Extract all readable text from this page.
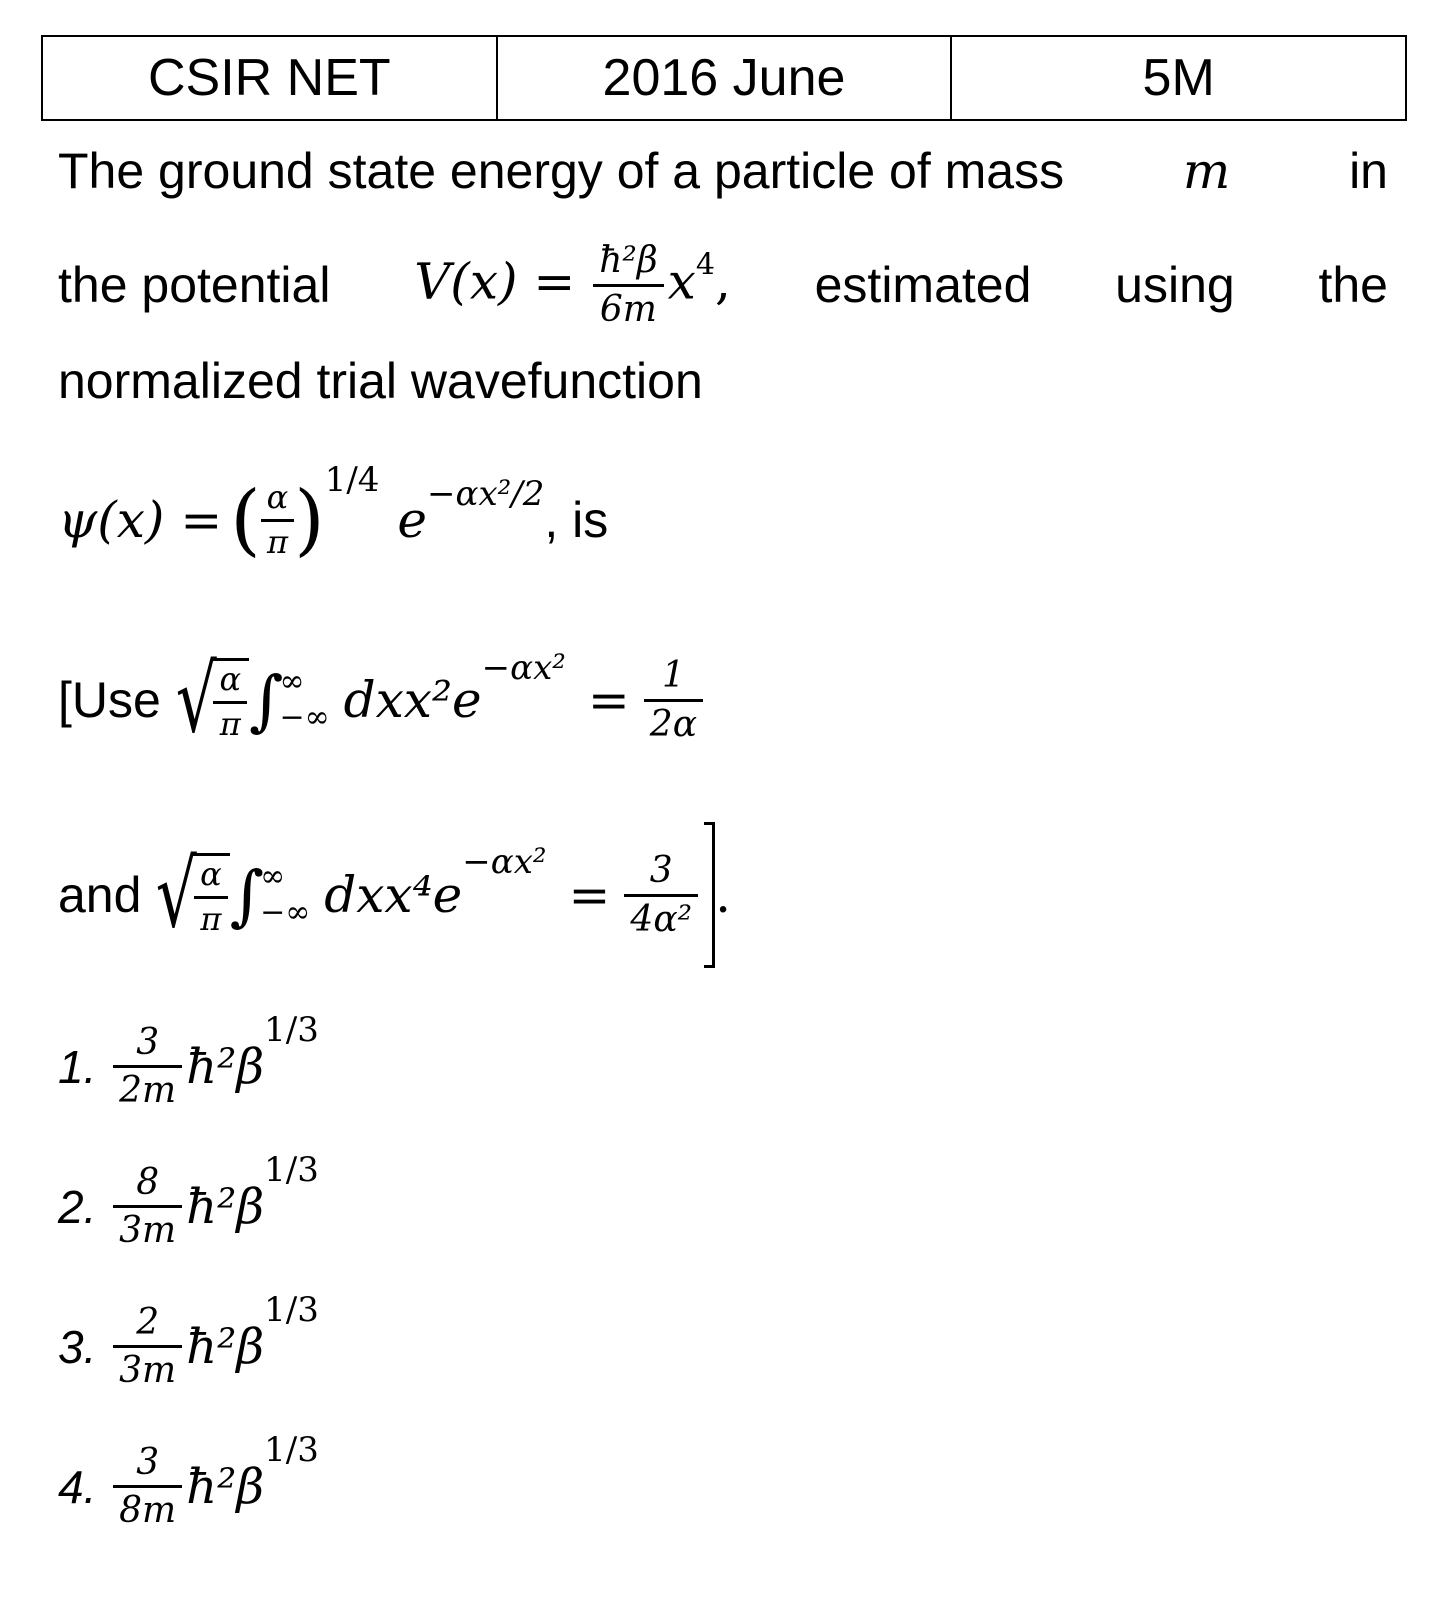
CSIR NET	2016 June	5M
The ground state energy of a particle of mass m in
the potential $V(x) = \frac{\text{ħ²β}}{6m} x^4$, estimated using the
normalized trial wavefunction
ψ(x) = ( $\frac{\alpha}{\pi}$ ) 1/4
e −αx²/2 , is
[Use √
$\frac{\alpha}{\pi}$ ∫
∞
−∞ dxx²e
−αx²
= $\frac{1}{2\alpha}$
and √
$\frac{\alpha}{\pi}$ ∫
∞
−∞ dxx⁴e
−αx²
= $\frac{3}{\text{4α²}}$ .
1. $\frac{3}{2m}$ $ħ^2\beta^{1/3}$
2. $\frac{8}{3m}$ $ħ^2\beta^{1/3}$
3. $\frac{2}{3m}$ $ħ^2\beta^{1/3}$
4. $\frac{3}{8m}$ $ħ^2\beta^{1/3}$
